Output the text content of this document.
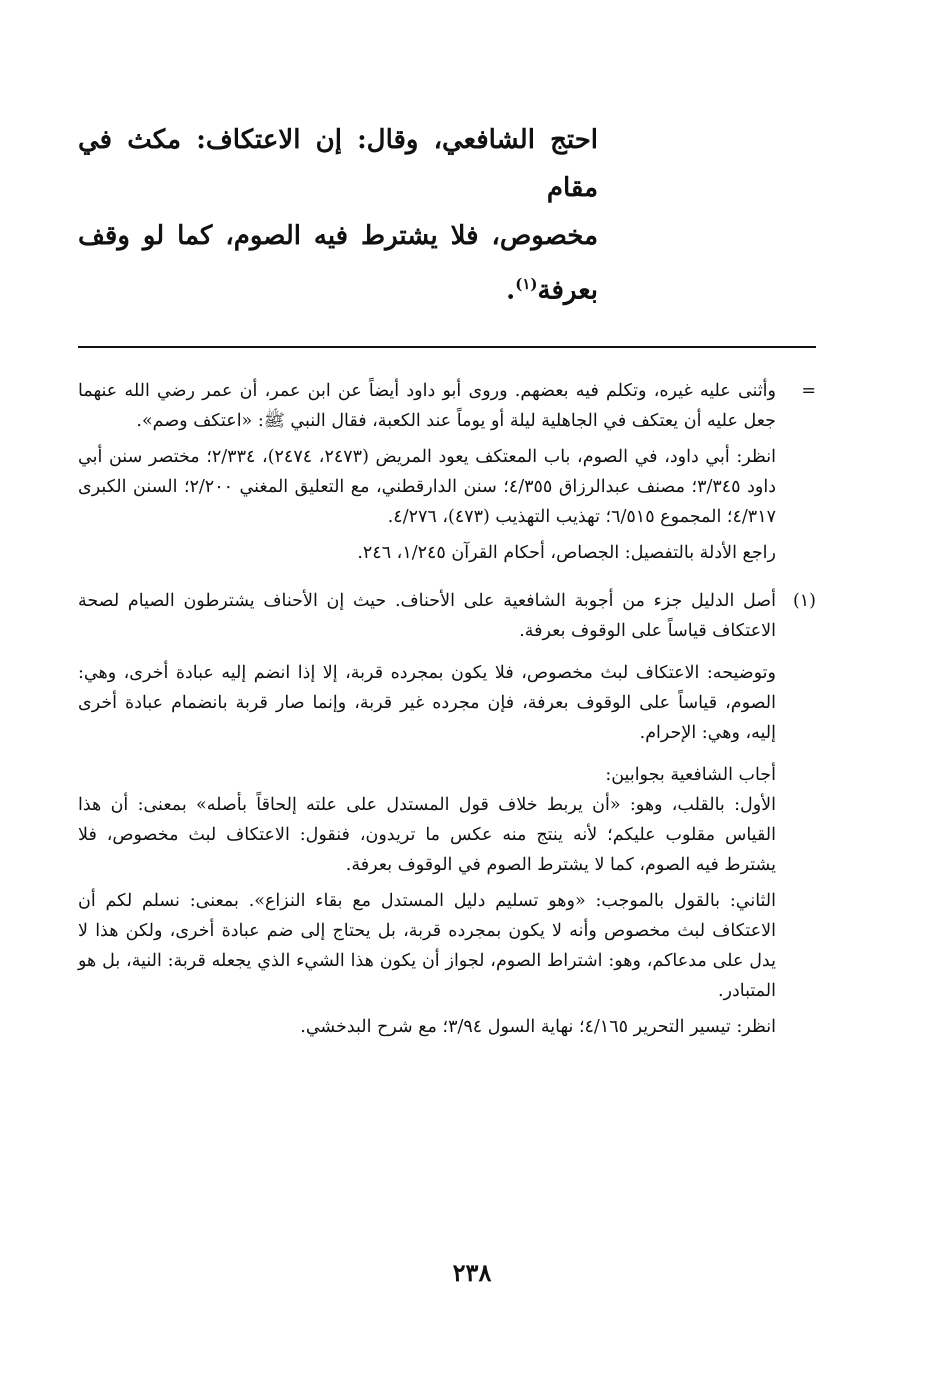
احتج الشافعي، وقال: إن الاعتكاف: مكث في مقام

مخصوص، فلا يشترط فيه الصوم، كما لو وقف بعرفة$^{(١)}$.
=

وأثنى عليه غيره، وتكلم فيه بعضهم. وروى أبو داود أيضاً عن ابن عمر، أن عمر رضي الله عنهما جعل عليه أن يعتكف في الجاهلية ليلة أو يوماً عند الكعبة، فقال النبي ﷺ: «اعتكف وصم».

انظر: أبي داود، في الصوم، باب المعتكف يعود المريض (٢٤٧٣، ٢٤٧٤)، ٢/٣٣٤؛ مختصر سنن أبي داود ٣/٣٤٥؛ مصنف عبدالرزاق ٤/٣٥٥؛ سنن الدارقطني، مع التعليق المغني ٢/٢٠٠؛ السنن الكبرى ٤/٣١٧؛ المجموع ٦/٥١٥؛ تهذيب التهذيب (٤٧٣)، ٤/٢٧٦.

راجع الأدلة بالتفصيل: الجصاص، أحكام القرآن ١/٢٤٥، ٢٤٦.

(١)

أصل الدليل جزء من أجوبة الشافعية على الأحناف. حيث إن الأحناف يشترطون الصيام لصحة الاعتكاف قياساً على الوقوف بعرفة.

وتوضيحه: الاعتكاف لبث مخصوص، فلا يكون بمجرده قربة، إلا إذا انضم إليه عبادة أخرى، وهي: الصوم، قياساً على الوقوف بعرفة، فإن مجرده غير قربة، وإنما صار قربة بانضمام عبادة أخرى إليه، وهي: الإحرام.

أجاب الشافعية بجوابين:

الأول: بالقلب، وهو: «أن يربط خلاف قول المستدل على علته إلحاقاً بأصله» بمعنى: أن هذا القياس مقلوب عليكم؛ لأنه ينتج منه عكس ما تريدون، فنقول: الاعتكاف لبث مخصوص، فلا يشترط فيه الصوم، كما لا يشترط الصوم في الوقوف بعرفة.

الثاني: بالقول بالموجب: «وهو تسليم دليل المستدل مع بقاء النزاع». بمعنى: نسلم لكم أن الاعتكاف لبث مخصوص وأنه لا يكون بمجرده قربة، بل يحتاج إلى ضم عبادة أخرى، ولكن هذا لا يدل على مدعاكم، وهو: اشتراط الصوم، لجواز أن يكون هذا الشيء الذي يجعله قربة: النية، بل هو المتبادر.

انظر: تيسير التحرير ٤/١٦٥؛ نهاية السول ٣/٩٤؛ مع شرح البدخشي.

٢٣٨
